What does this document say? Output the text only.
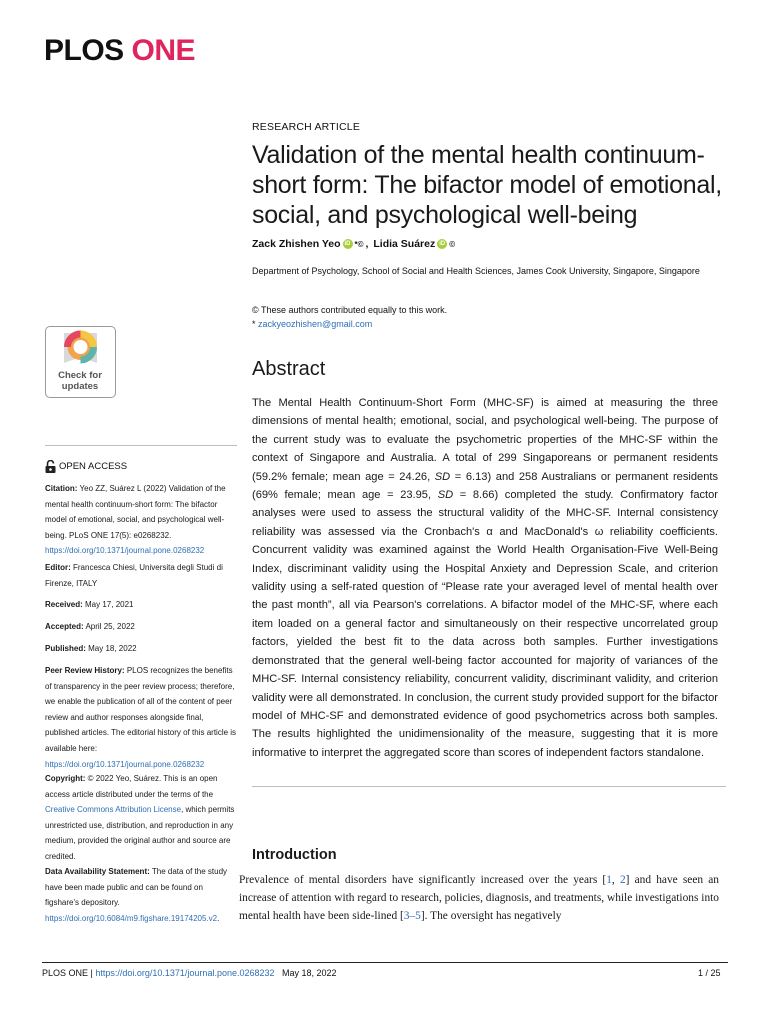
PLOS ONE
RESEARCH ARTICLE
Validation of the mental health continuum-short form: The bifactor model of emotional, social, and psychological well-being
Zack Zhishen Yeo iD *© , Lidia Suárez iD ©
Department of Psychology, School of Social and Health Sciences, James Cook University, Singapore, Singapore
© These authors contributed equally to this work.
* zackyeozhishen@gmail.com
Check for
updates
OPEN ACCESS
Citation: Yeo ZZ, Suárez L (2022) Validation of the mental health continuum-short form: The bifactor model of emotional, social, and psychological well-being. PLoS ONE 17(5): e0268232. https://doi.org/10.1371/journal.pone.0268232
Editor: Francesca Chiesi, Universita degli Studi di Firenze, ITALY
Received: May 17, 2021
Accepted: April 25, 2022
Published: May 18, 2022
Peer Review History: PLOS recognizes the benefits of transparency in the peer review process; therefore, we enable the publication of all of the content of peer review and author responses alongside final, published articles. The editorial history of this article is available here: https://doi.org/10.1371/journal.pone.0268232
Copyright: © 2022 Yeo, Suárez. This is an open access article distributed under the terms of the Creative Commons Attribution License, which permits unrestricted use, distribution, and reproduction in any medium, provided the original author and source are credited.
Data Availability Statement: The data of the study have been made public and can be found on figshare's depository. https://doi.org/10.6084/m9.figshare.19174205.v2.
Abstract
The Mental Health Continuum-Short Form (MHC-SF) is aimed at measuring the three dimensions of mental health; emotional, social, and psychological well-being. The purpose of the current study was to evaluate the psychometric properties of the MHC-SF within the context of Singapore and Australia. A total of 299 Singaporeans or permanent residents (59.2% female; mean age = 24.26, SD = 6.13) and 258 Australians or permanent residents (69% female; mean age = 23.95, SD = 8.66) completed the study. Confirmatory factor analyses were used to assess the structural validity of the MHC-SF. Internal consistency reliability was assessed via the Cronbach's α and MacDonald's ω reliability coefficients. Concurrent validity was examined against the World Health Organisation-Five Well-Being Index, discriminant validity using the Hospital Anxiety and Depression Scale, and criterion validity using a self-rated question of “Please rate your averaged level of mental health over the past month”, all via Pearson's correlations. A bifactor model of the MHC-SF, where each item loaded on a general factor and simultaneously on their respective uncorrelated group factors, yielded the best fit to the data across both samples. Further investigations demonstrated that the general well-being factor accounted for majority of variances of the MHC-SF. Internal consistency reliability, concurrent validity, discriminant validity, and criterion validity were all demonstrated. In conclusion, the current study provided support for the bifactor model of MHC-SF and demonstrated evidence of good psychometrics across both samples. The results highlighted the unidimensionality of the measure, suggesting that it is more informative to interpret the aggregated score than scores of independent factors standalone.
Introduction
Prevalence of mental disorders have significantly increased over the years [1, 2] and have seen an increase of attention with regard to research, policies, diagnosis, and treatments, while investigations into mental health have been side-lined [3–5]. The oversight has negatively
PLOS ONE | https://doi.org/10.1371/journal.pone.0268232   May 18, 2022	1 / 25
